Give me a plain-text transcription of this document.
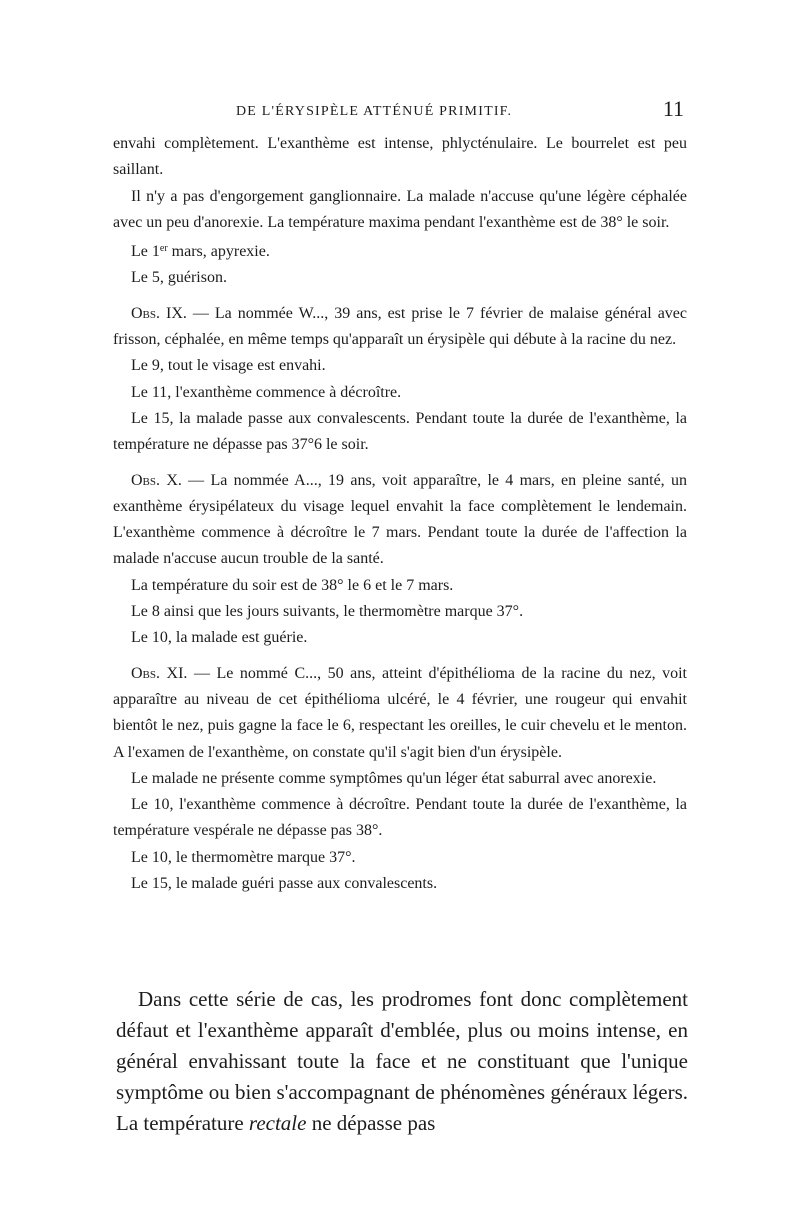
DE L'ÉRYSIPÈLE ATTÉNUÉ PRIMITIF.	11

envahi complètement. L'exanthème est intense, phlycténulaire. Le bourrelet est peu saillant.

Il n'y a pas d'engorgement ganglionnaire. La malade n'accuse qu'une légère céphalée avec un peu d'anorexie. La température maxima pendant l'exanthème est de 38° le soir.

Le 1er mars, apyrexie.

Le 5, guérison.

Obs. IX. — La nommée W..., 39 ans, est prise le 7 février de malaise général avec frisson, céphalée, en même temps qu'apparaît un érysipèle qui débute à la racine du nez.

Le 9, tout le visage est envahi.

Le 11, l'exanthème commence à décroître.

Le 15, la malade passe aux convalescents. Pendant toute la durée de l'exanthème, la température ne dépasse pas 37°6 le soir.

Obs. X. — La nommée A..., 19 ans, voit apparaître, le 4 mars, en pleine santé, un exanthème érysipélateux du visage lequel envahit la face complètement le lendemain. L'exanthème commence à décroître le 7 mars. Pendant toute la durée de l'affection la malade n'accuse aucun trouble de la santé.

La température du soir est de 38° le 6 et le 7 mars.

Le 8 ainsi que les jours suivants, le thermomètre marque 37°.

Le 10, la malade est guérie.

Obs. XI. — Le nommé C..., 50 ans, atteint d'épithélioma de la racine du nez, voit apparaître au niveau de cet épithélioma ulcéré, le 4 février, une rougeur qui envahit bientôt le nez, puis gagne la face le 6, respectant les oreilles, le cuir chevelu et le menton. A l'examen de l'exanthème, on constate qu'il s'agit bien d'un érysipèle.

Le malade ne présente comme symptômes qu'un léger état saburral avec anorexie.

Le 10, l'exanthème commence à décroître. Pendant toute la durée de l'exanthème, la température vespérale ne dépasse pas 38°.

Le 10, le thermomètre marque 37°.

Le 15, le malade guéri passe aux convalescents.

Dans cette série de cas, les prodromes font donc complètement défaut et l'exanthème apparaît d'emblée, plus ou moins intense, en général envahissant toute la face et ne constituant que l'unique symptôme ou bien s'accompagnant de phénomènes généraux légers. La température rectale ne dépasse pas
